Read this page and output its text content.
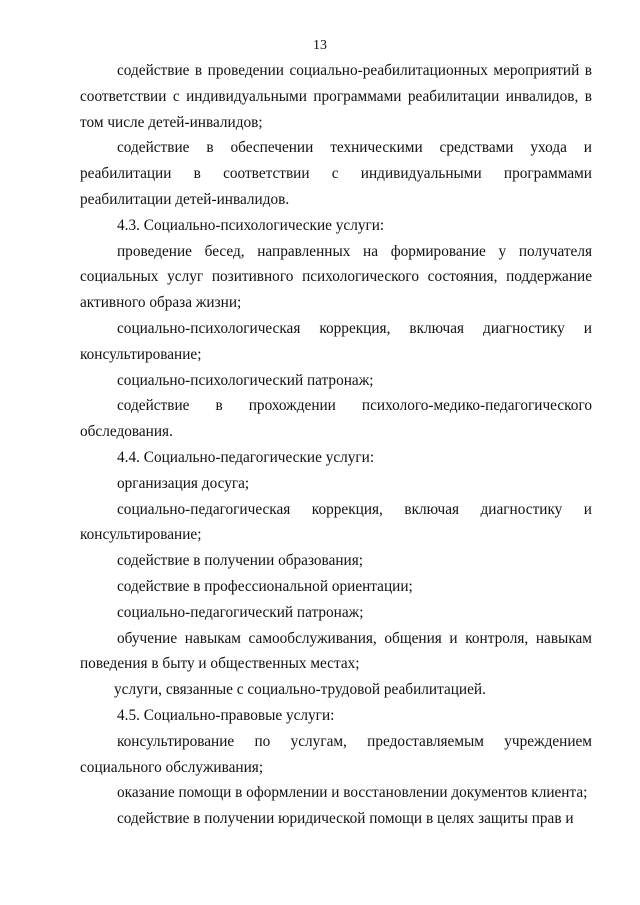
13

содействие в проведении социально-реабилитационных мероприятий в соответствии с индивидуальными программами реабилитации инвалидов, в том числе детей-инвалидов;

содействие в обеспечении техническими средствами ухода и реабилитации в соответствии с индивидуальными программами реабилитации детей-инвалидов.

4.3. Социально-психологические услуги:

проведение бесед, направленных на формирование у получателя социальных услуг позитивного психологического состояния, поддержание активного образа жизни;

социально-психологическая коррекция, включая диагностику и консультирование;

социально-психологический патронаж;

содействие в прохождении психолого-медико-педагогического обследования.

4.4. Социально-педагогические услуги:

организация досуга;

социально-педагогическая коррекция, включая диагностику и консультирование;

содействие в получении образования;

содействие в профессиональной ориентации;

социально-педагогический патронаж;

обучение навыкам самообслуживания, общения и контроля, навыкам поведения в быту и общественных местах;

услуги, связанные с социально-трудовой реабилитацией.

4.5. Социально-правовые услуги:

консультирование по услугам, предоставляемым учреждением социального обслуживания;

оказание помощи в оформлении и восстановлении документов клиента;

содействие в получении юридической помощи в целях защиты прав и
